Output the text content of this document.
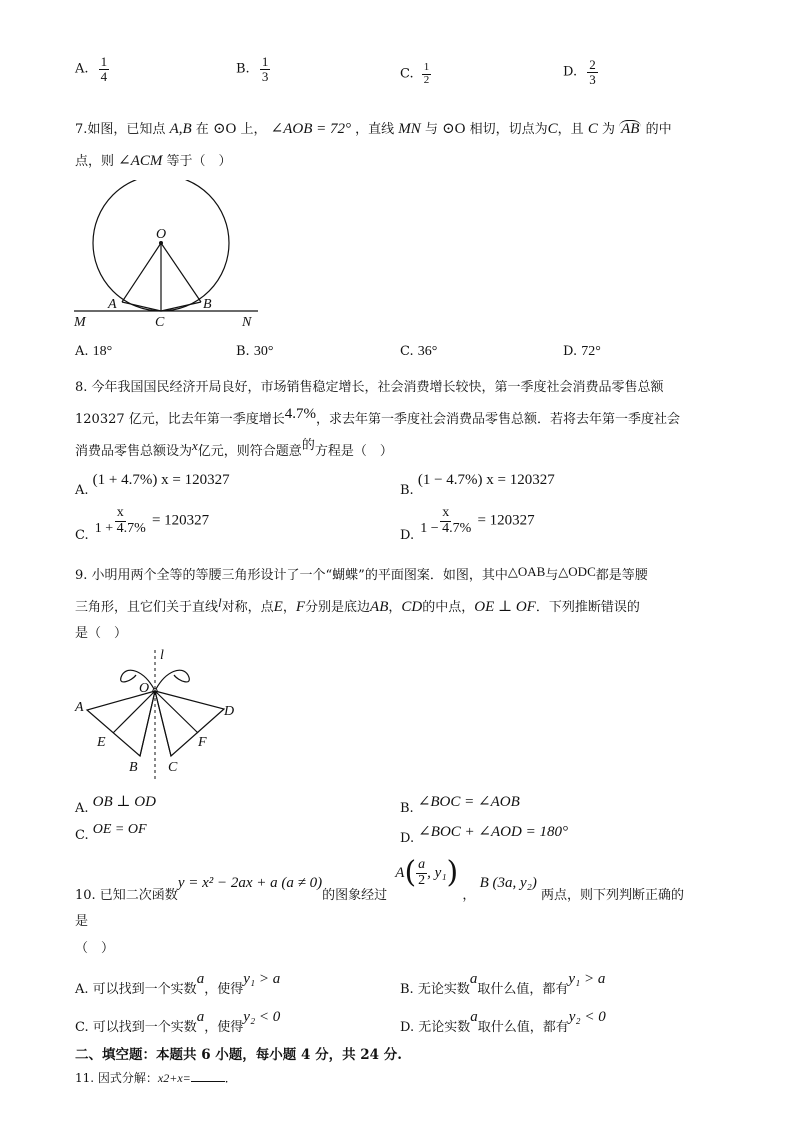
A. $\frac{1}{4}$	B. $\frac{1}{3}$	C. $\frac{1}{2}$	D. $\frac{2}{3}$
7.如图，已知点 A,B 在 ⊙O 上， ∠AOB = 72° ，直线 MN 与 ⊙O 相切，切点为C，且 C 为 AB 的中
点，则 ∠ACM 等于（　）
O
A	B
C
M	N
A. 18°	B. 30°	C. 36°	D. 72°
8. 今年我国国民经济开局良好，市场销售稳定增长，社会消费增长较快，第一季度社会消费品零售总额
120327 亿元，比去年第一季度增长4.7%，求去年第一季度社会消费品零售总额．若将去年第一季度社会
消费品零售总额设为x亿元，则符合题意的方程是（　）
A. (1 + 4.7%) x = 120327
B. (1 − 4.7%) x = 120327
C. $\frac{x}{1 + 4.7\%} = 120327$
D. $\frac{x}{1 - 4.7\%} = 120327$
9. 小明用两个全等的等腰三角形设计了一个“蝴蝶”的平面图案．如图，其中△OAB与△ODC都是等腰
三角形，且它们关于直线l对称，点E，F分别是底边AB，CD的中点，OE ⊥ OF．下列推断错误的
是（　）
l
O
A	D
E	F
B C
A. OB ⊥ OD	B. ∠BOC = ∠AOB
C. OE = OF
D. ∠BOC + ∠AOD = 180°
10. 已知二次函数y = x² − 2ax + a (a ≠ 0)的图象经过
A ( $\frac{a}{2}$ , y₁ )
， B (3a, y₂) 两点，则下列判断正确的
是
（　）
A. 可以找到一个实数a，使得y₁ > a
B. 无论实数a取什么值，都有y₁ > a
C. 可以找到一个实数a，使得y₂ < 0
D. 无论实数a取什么值，都有y₂ < 0
二、填空题：本题共 6 小题，每小题 4 分，共 24 分.
11. 因式分解：x2+x=	．
